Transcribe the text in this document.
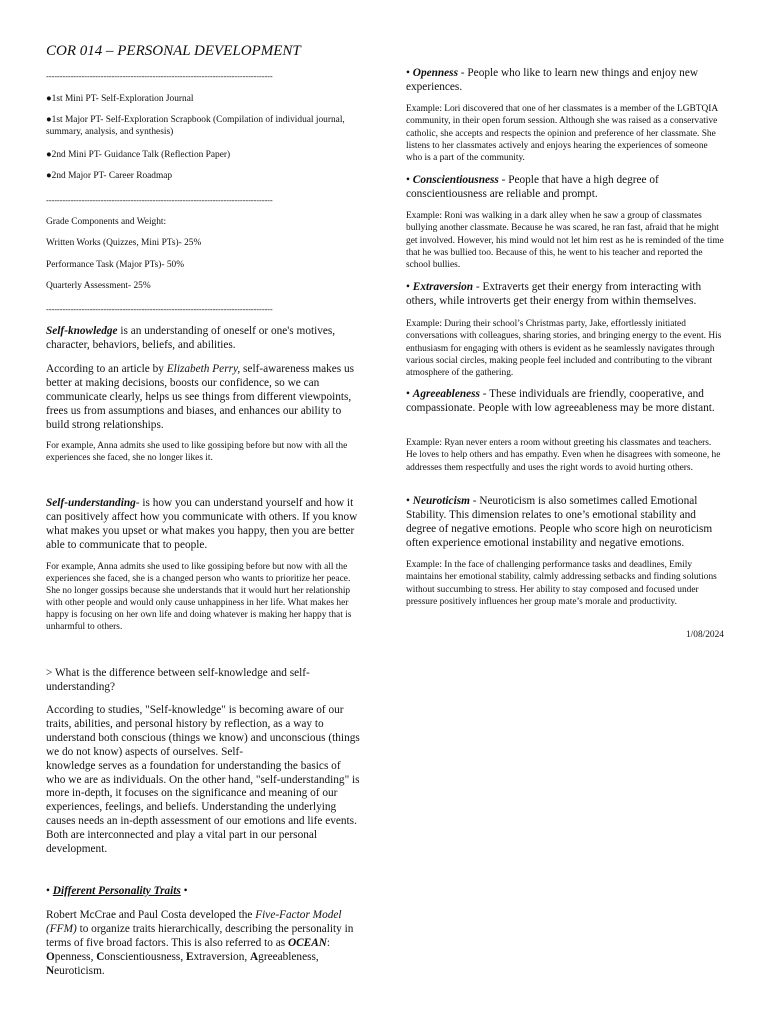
COR 014 – PERSONAL DEVELOPMENT
-----------------------------------------------------------------------------------
●1st Mini PT- Self-Exploration Journal
●1st Major PT- Self-Exploration Scrapbook (Compilation of individual journal, summary, analysis, and synthesis)
●2nd Mini PT- Guidance Talk (Reflection Paper)
●2nd Major PT- Career Roadmap
-----------------------------------------------------------------------------------
Grade Components and Weight:
Written Works (Quizzes, Mini PTs)- 25%
Performance Task (Major PTs)- 50%
Quarterly Assessment- 25%
-----------------------------------------------------------------------------------
Self-knowledge is an understanding of oneself or one's motives, character, behaviors, beliefs, and abilities.
According to an article by Elizabeth Perry, self-awareness makes us better at making decisions, boosts our confidence, so we can communicate clearly, helps us see things from different viewpoints, frees us from assumptions and biases, and enhances our ability to build strong relationships.
For example, Anna admits she used to like gossiping before but now with all the experiences she faced, she no longer likes it.
Self-understanding- is how you can understand yourself and how it can positively affect how you communicate with others. If you know what makes you upset or what makes you happy, then you are better able to communicate that to people.
For example, Anna admits she used to like gossiping before but now with all the experiences she faced, she is a changed person who wants to prioritize her peace. She no longer gossips because she understands that it would hurt her relationship with other people and would only cause unhappiness in her life. What makes her happy is focusing on her own life and doing whatever is making her happy that is unharmful to others.
> What is the difference between self-knowledge and self-understanding?
According to studies, "Self-knowledge" is becoming aware of our traits, abilities, and personal history by reflection, as a way to understand both conscious (things we know) and unconscious (things we do not know) aspects of ourselves. Self-
knowledge serves as a foundation for understanding the basics of who we are as individuals. On the other hand, "self-understanding" is more in-depth, it focuses on the significance and meaning of our experiences, feelings, and beliefs. Understanding the underlying causes needs an in-depth assessment of our emotions and life events. Both are interconnected and play a vital part in our personal development.
• Different Personality Traits •
Robert McCrae and Paul Costa developed the Five-Factor Model (FFM) to organize traits hierarchically, describing the personality in terms of five broad factors. This is also referred to as OCEAN: Openness, Conscientiousness, Extraversion, Agreeableness, Neuroticism.
• Openness - People who like to learn new things and enjoy new experiences.
Example: Lori discovered that one of her classmates is a member of the LGBTQIA community, in their open forum session. Although she was raised as a conservative catholic, she accepts and respects the opinion and preference of her classmate. She listens to her classmates actively and enjoys hearing the experiences of someone who is a part of the community.
• Conscientiousness - People that have a high degree of conscientiousness are reliable and prompt.
Example: Roni was walking in a dark alley when he saw a group of classmates bullying another classmate. Because he was scared, he ran fast, afraid that he might get involved. However, his mind would not let him rest as he is reminded of the time that he was bullied too. Because of this, he went to his teacher and reported the school bullies.
• Extraversion - Extraverts get their energy from interacting with others, while introverts get their energy from within themselves.
Example: During their school’s Christmas party, Jake, effortlessly initiated conversations with colleagues, sharing stories, and bringing energy to the event. His enthusiasm for engaging with others is evident as he seamlessly navigates through various social circles, making people feel included and contributing to the vibrant atmosphere of the gathering.
• Agreeableness - These individuals are friendly, cooperative, and compassionate. People with low agreeableness may be more distant.
Example: Ryan never enters a room without greeting his classmates and teachers. He loves to help others and has empathy. Even when he disagrees with someone, he addresses them respectfully and uses the right words to avoid hurting others.
• Neuroticism - Neuroticism is also sometimes called Emotional Stability. This dimension relates to one’s emotional stability and degree of negative emotions. People who score high on neuroticism often experience emotional instability and negative emotions.
Example: In the face of challenging performance tasks and deadlines, Emily maintains her emotional stability, calmly addressing setbacks and finding solutions without succumbing to stress. Her ability to stay composed and focused under pressure positively influences her group mate’s morale and productivity.
1/08/2024
